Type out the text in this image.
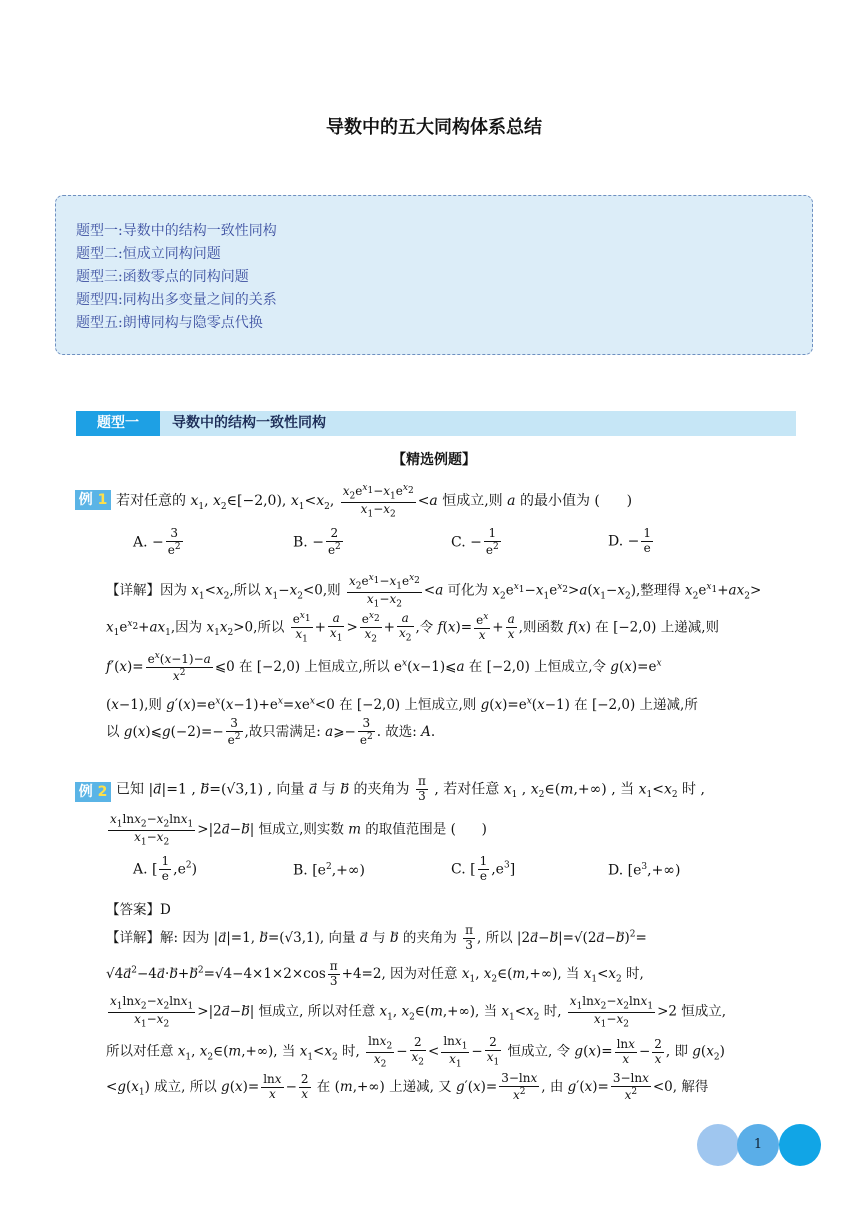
导数中的五大同构体系总结
题型一:导数中的结构一致性同构
题型二:恒成立同构问题
题型三:函数零点的同构问题
题型四:同构出多变量之间的关系
题型五:朗博同构与隐零点代换
题型一	导数中的结构一致性同构
【精选例题】
例 1 若对任意的 $x_1$, $x_2\in[-2,0)$, $x_1<x_2$, $\frac{x_2e^{x_1}-x_1e^{x_2}}{x_1-x_2} <a$ 恒成立,则 a 的最小值为 (      )
A. − $\frac{3}{e^2}$	B. − $\frac{2}{e^2}$	C. − $\frac{1}{e^2}$	D. − $\frac{1}{e}$
【详解】因为 $x_1<x_2$,所以 $x_1-x_2<0$,则 $\frac{x_2e^{x_1}-x_1e^{x_2}}{x_1-x_2} <a$ 可化为 $x_2e^{x_1}-x_1e^{x_2}>a(x_1-x_2)$,整理得 $x_2e^{x_1}+ax_2>$
$x_1e^{x_2}+ax_1$,因为 $x_1x_2>0$,所以 $\frac{e^{x_1}}{x_1} + \frac{a}{x_1} > \frac{e^{x_2}}{x_2} + \frac{a}{x_2}$ ,令 $f(x)= \frac{e^x}{x} + \frac{a}{x}$ ,则函数 f(x) 在 [−2,0) 上递减,则
$f'(x)= \frac{e^x(x-1)-a}{x^2}$ ⩽0 在 [−2,0) 上恒成立,所以 $e^x(x-1)⩽a$ 在 [−2,0) 上恒成立,令 $g(x)=e^x$
(x−1),则 $g'(x)=e^x(x-1)+e^x=xe^x<0$ 在 [−2,0) 上恒成立,则 $g(x)=e^x(x-1)$ 在 [−2,0) 上递减,所
以 g(x)⩽g(−2)=− $\frac{3}{e^2}$ ,故只需满足: a⩾− $\frac{3}{e^2}$ . 故选: A.
例 2 已知 |a⃗|=1 , b⃗=(√3,1) , 向量 a⃗ 与 b⃗ 的夹角为 $\frac{\pi}{3}$ , 若对任意 $x_1$ , $x_2\in(m,+\infty)$ , 当 $x_1<x_2$ 时 ,
$\frac{x_1\ln x_2-x_2\ln x_1}{x_1-x_2}$ >|2a⃗−b⃗| 恒成立,则实数 m 的取值范围是 (      )
A. [ $\frac{1}{e} ,e^2$)	B. $[e^2,+\infty)$	C. [ $\frac{1}{e} ,e^3$]	D. $[e^3,+\infty)$
【答案】D
【详解】解: 因为 |a⃗|=1, b⃗=(√3,1), 向量 a⃗ 与 b⃗ 的夹角为 $\frac{\pi}{3}$ , 所以 |2a⃗−b⃗|=√(2a⃗−b⃗)$^2$=
$√4a^2-4a⃗\cdot b⃗+b^2=√4-4\times 1\times 2\times\cos \frac{\pi}{3} +4=2$, 因为对任意 $x_1$, $x_2\in(m,+\infty)$, 当 $x_1<x_2$ 时,
$\frac{x_1\ln x_2-x_2\ln x_1}{x_1-x_2}$ >|2a⃗−b⃗| 恒成立, 所以对任意 $x_1$, $x_2\in(m,+\infty)$, 当 $x_1<x_2$ 时, $\frac{x_1\ln x_2-x_2\ln x_1}{x_1-x_2} >2$ 恒成立,
所以对任意 $x_1$, $x_2\in(m,+\infty)$, 当 $x_1<x_2$ 时, $\frac{\ln x_2}{x_2} - \frac{2}{x_2} < \frac{\ln x_1}{x_1} - \frac{2}{x_1}$ 恒成立, 令 $g(x)= \frac{\ln x}{x} - \frac{2}{x}$ , 即 $g(x_2)$
$<g(x_1)$ 成立, 所以 $g(x)= \frac{\ln x}{x} - \frac{2}{x}$ 在 (m,+∞) 上递减, 又 $g'(x)= \frac{3-\ln x}{x^2}$ , 由 $g'(x)= \frac{3-\ln x}{x^2} <0$, 解得
1
